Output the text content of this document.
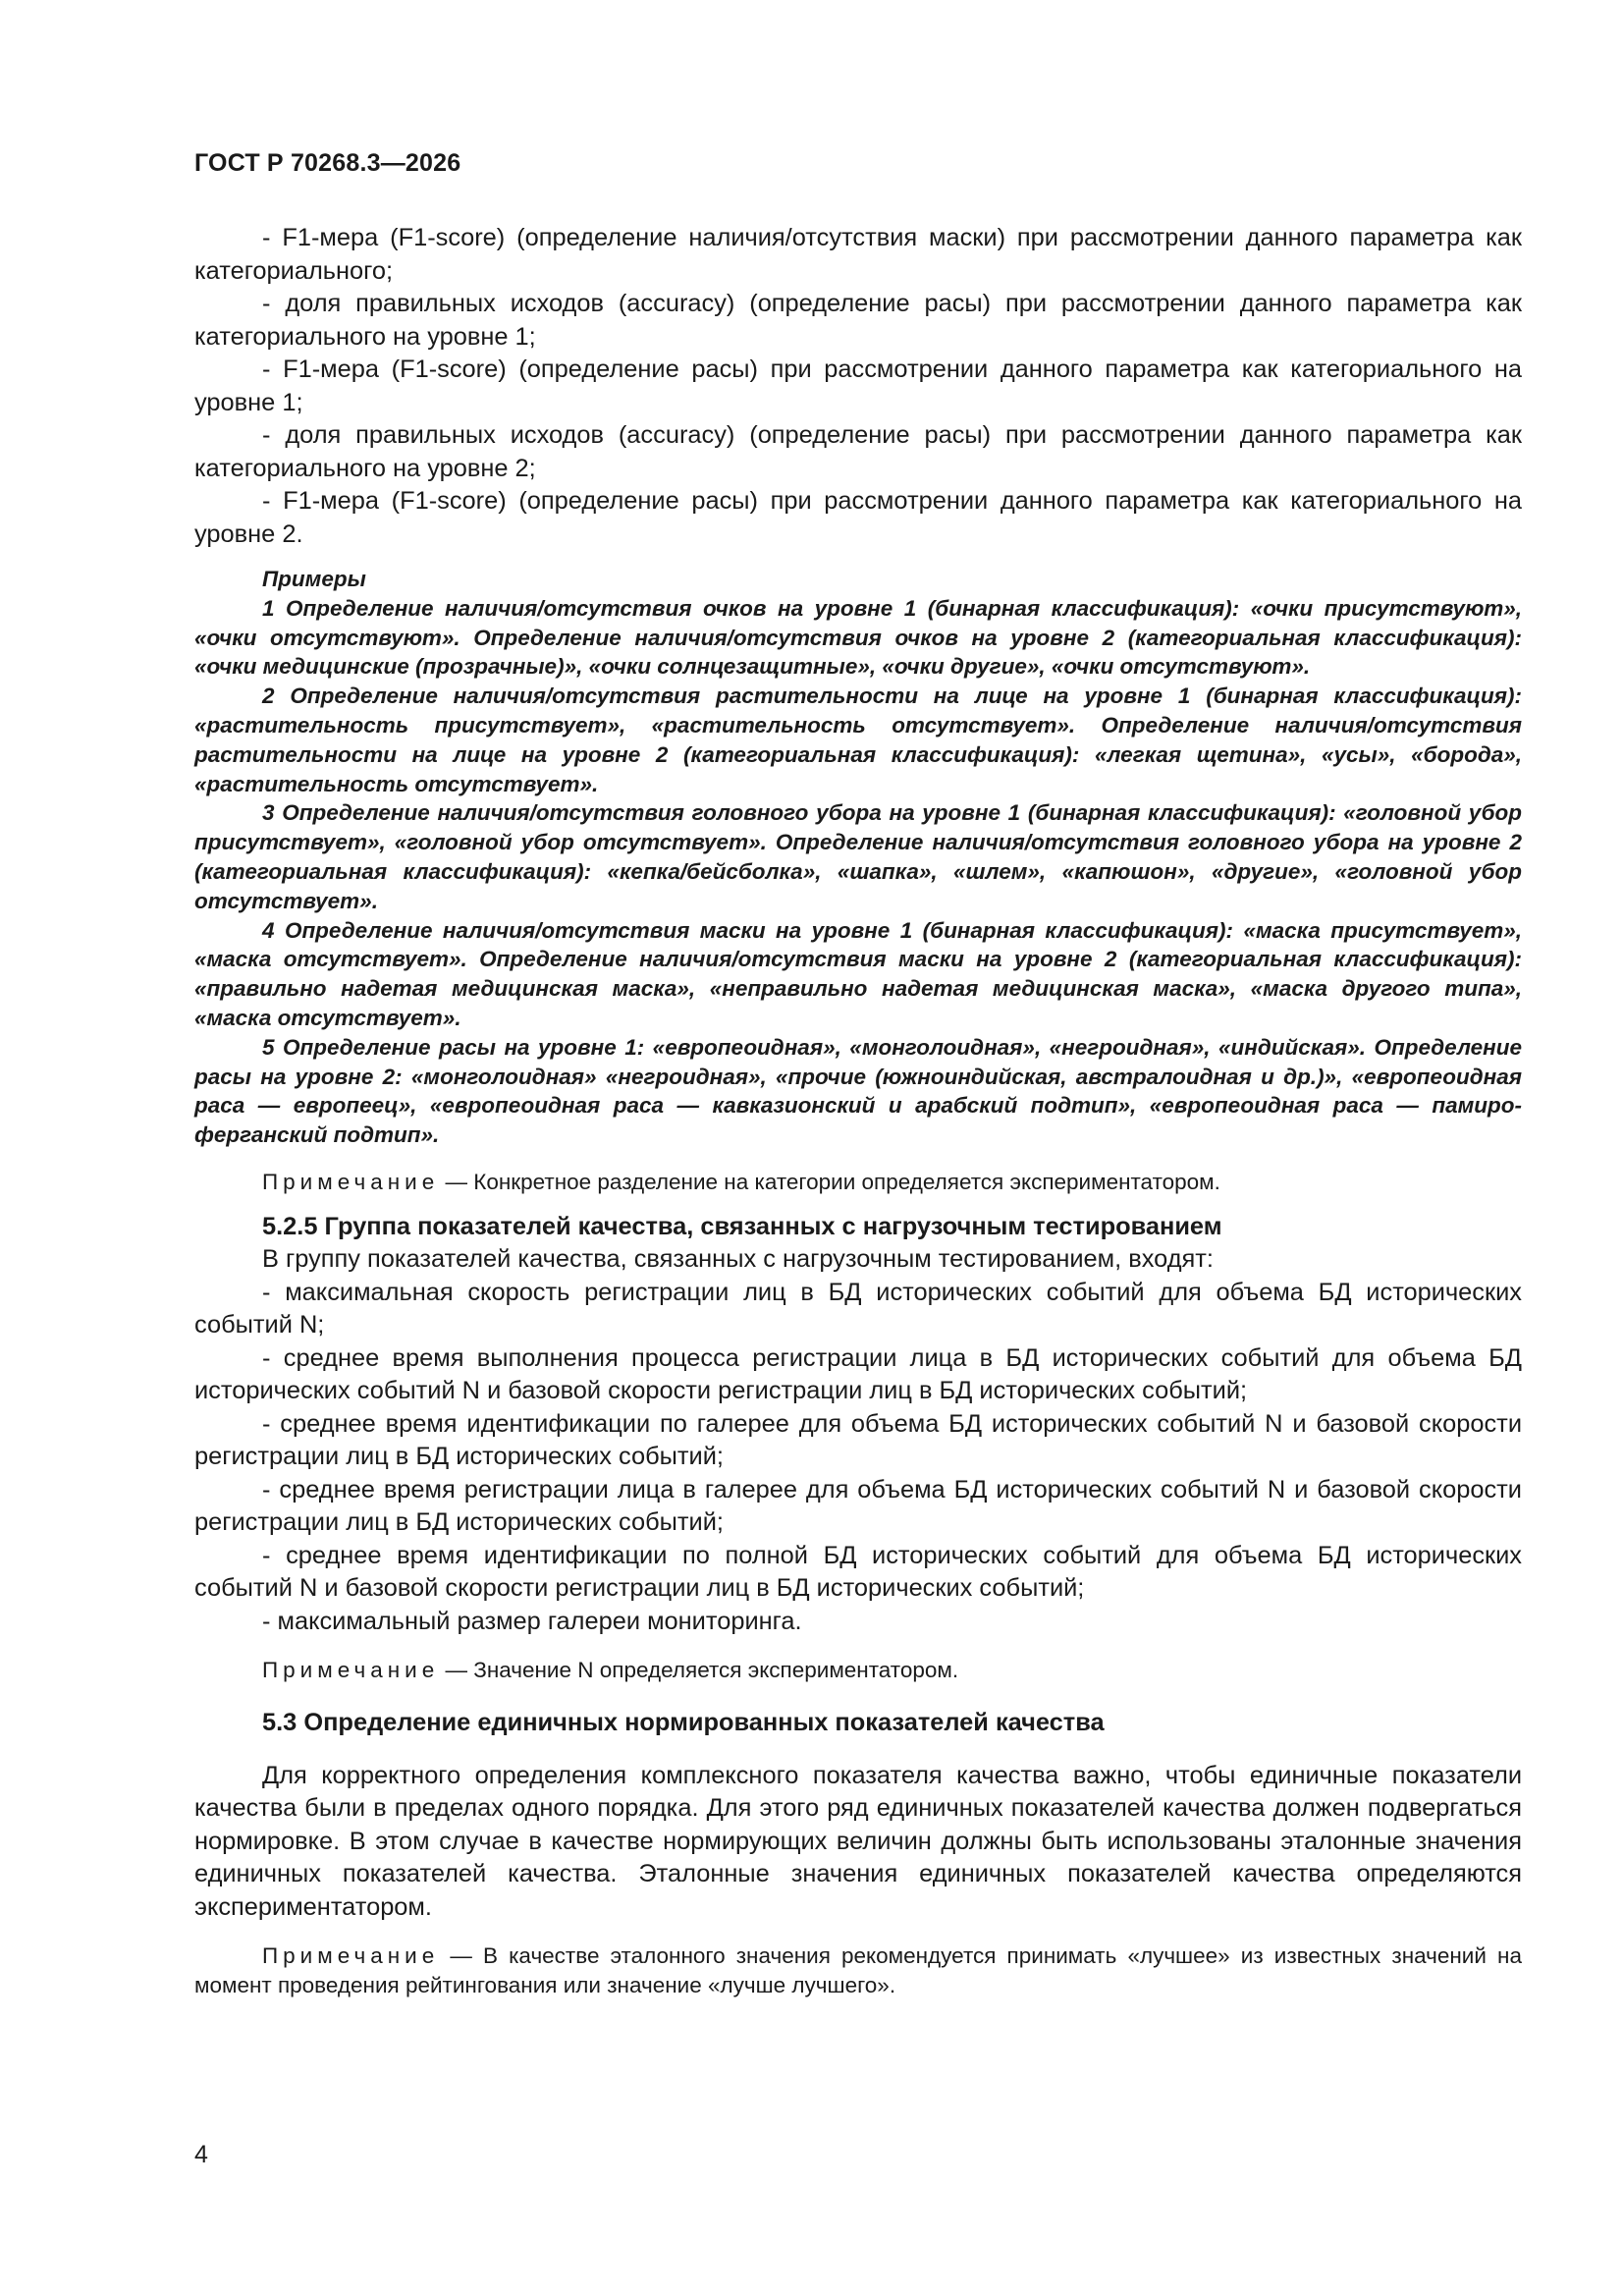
ГОСТ Р 70268.3—2026

- F1-мера (F1-score) (определение наличия/отсутствия маски) при рассмотрении данного параметра как категориального;

- доля правильных исходов (accuracy) (определение расы) при рассмотрении данного параметра как категориального на уровне 1;

- F1-мера (F1-score) (определение расы) при рассмотрении данного параметра как категориального на уровне 1;

- доля правильных исходов (accuracy) (определение расы) при рассмотрении данного параметра как категориального на уровне 2;

- F1-мера (F1-score) (определение расы) при рассмотрении данного параметра как категориального на уровне 2.

Примеры

1 Определение наличия/отсутствия очков на уровне 1 (бинарная классификация): «очки присутствуют», «очки отсутствуют». Определение наличия/отсутствия очков на уровне 2 (категориальная классификация): «очки медицинские (прозрачные)», «очки солнцезащитные», «очки другие», «очки отсутствуют».

2 Определение наличия/отсутствия растительности на лице на уровне 1 (бинарная классификация): «растительность присутствует», «растительность отсутствует». Определение наличия/отсутствия растительности на лице на уровне 2 (категориальная классификация): «легкая щетина», «усы», «борода», «растительность отсутствует».

3 Определение наличия/отсутствия головного убора на уровне 1 (бинарная классификация): «головной убор присутствует», «головной убор отсутствует». Определение наличия/отсутствия головного убора на уровне 2 (категориальная классификация): «кепка/бейсболка», «шапка», «шлем», «капюшон», «другие», «головной убор отсутствует».

4 Определение наличия/отсутствия маски на уровне 1 (бинарная классификация): «маска присутствует», «маска отсутствует». Определение наличия/отсутствия маски на уровне 2 (категориальная классификация): «правильно надетая медицинская маска», «неправильно надетая медицинская маска», «маска другого типа», «маска отсутствует».

5 Определение расы на уровне 1: «европеоидная», «монголоидная», «негроидная», «индийская». Определение расы на уровне 2: «монголоидная» «негроидная», «прочие (южноиндийская, австралоидная и др.)», «европеоидная раса — европеец», «европеоидная раса — кавказионский и арабский подтип», «европеоидная раса — памиро-ферганский подтип».

Примечание — Конкретное разделение на категории определяется экспериментатором.

5.2.5 Группа показателей качества, связанных с нагрузочным тестированием

В группу показателей качества, связанных с нагрузочным тестированием, входят:

- максимальная скорость регистрации лиц в БД исторических событий для объема БД исторических событий N;

- среднее время выполнения процесса регистрации лица в БД исторических событий для объема БД исторических событий N и базовой скорости регистрации лиц в БД исторических событий;

- среднее время идентификации по галерее для объема БД исторических событий N и базовой скорости регистрации лиц в БД исторических событий;

- среднее время регистрации лица в галерее для объема БД исторических событий N и базовой скорости регистрации лиц в БД исторических событий;

- среднее время идентификации по полной БД исторических событий для объема БД исторических событий N и базовой скорости регистрации лиц в БД исторических событий;

- максимальный размер галереи мониторинга.

Примечание — Значение N определяется экспериментатором.

5.3 Определение единичных нормированных показателей качества

Для корректного определения комплексного показателя качества важно, чтобы единичные показатели качества были в пределах одного порядка. Для этого ряд единичных показателей качества должен подвергаться нормировке. В этом случае в качестве нормирующих величин должны быть использованы эталонные значения единичных показателей качества. Эталонные значения единичных показателей качества определяются экспериментатором.

Примечание — В качестве эталонного значения рекомендуется принимать «лучшее» из известных значений на момент проведения рейтингования или значение «лучше лучшего».

4
